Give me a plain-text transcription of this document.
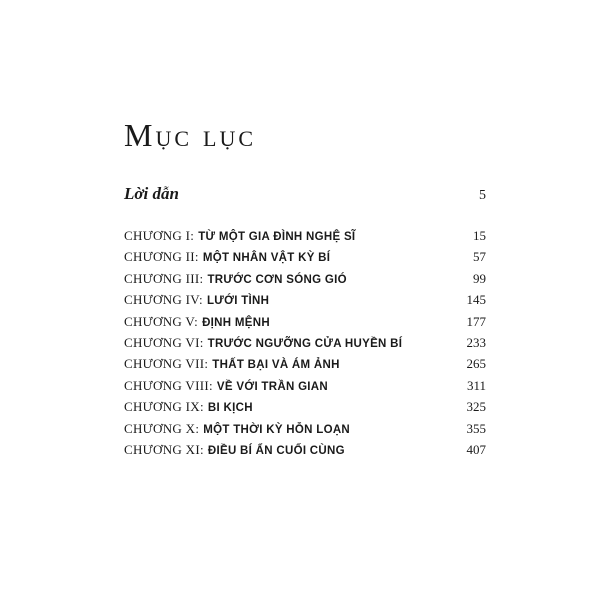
Mục lục
Lời dẫn	5
CHƯƠNG I: TỪ MỘT GIA ĐÌNH NGHỆ SĨ	15
CHƯƠNG II: MỘT NHÂN VẬT KỲ BÍ	57
CHƯƠNG III: TRƯỚC CƠN SÓNG GIÓ	99
CHƯƠNG IV: LƯỚI TÌNH	145
CHƯƠNG V: ĐỊNH MỆNH	177
CHƯƠNG VI: TRƯỚC NGƯỠNG CỬA HUYỀN BÍ	233
CHƯƠNG VII: THẤT BẠI VÀ ÁM ẢNH	265
CHƯƠNG VIII: VỀ VỚI TRẦN GIAN	311
CHƯƠNG IX: BI KỊCH	325
CHƯƠNG X: MỘT THỜI KỲ HỖN LOẠN	355
CHƯƠNG XI: ĐIỀU BÍ ẨN CUỐI CÙNG	407
